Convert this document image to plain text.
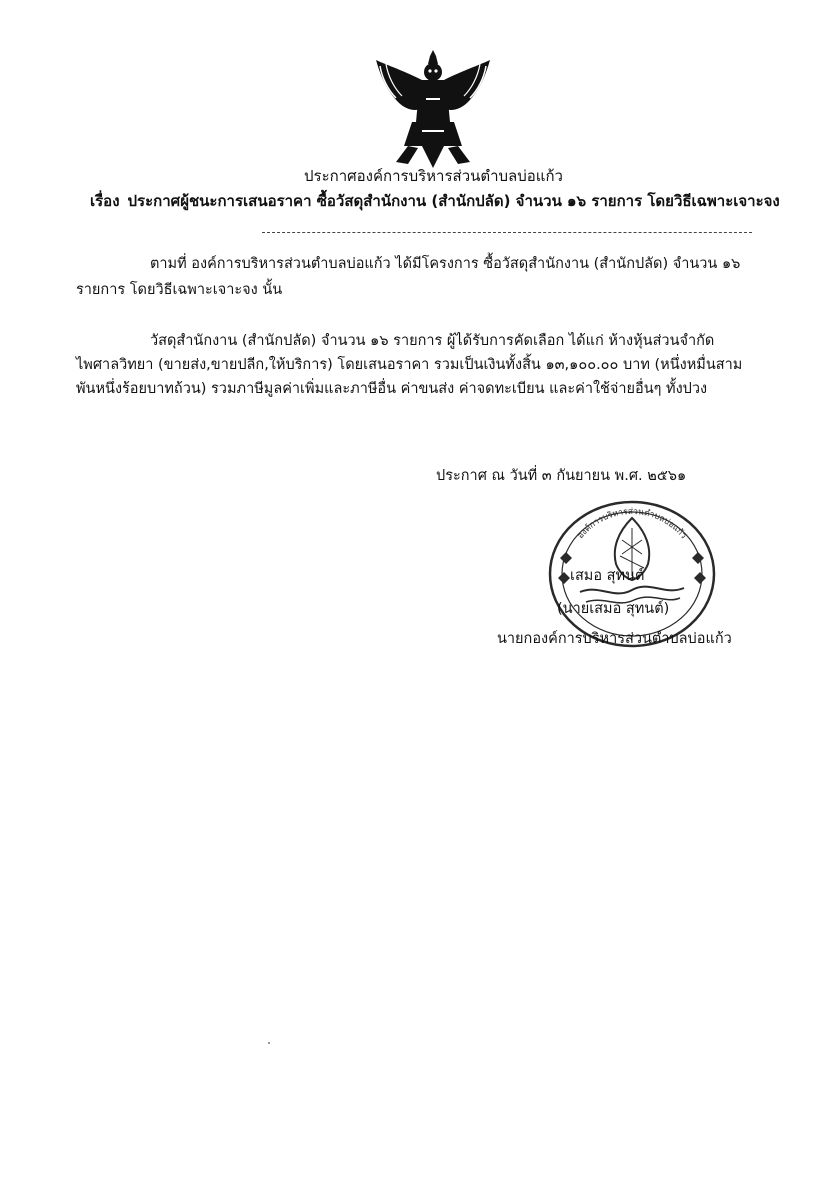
ประกาศองค์การบริหารส่วนตำบลบ่อแก้ว
เรื่อง ประกาศผู้ชนะการเสนอราคา ซื้อวัสดุสำนักงาน (สำนักปลัด) จำนวน ๑๖ รายการ โดยวิธีเฉพาะเจาะจง
ตามที่ องค์การบริหารส่วนตำบลบ่อแก้ว ได้มีโครงการ ซื้อวัสดุสำนักงาน (สำนักปลัด) จำนวน ๑๖
รายการ โดยวิธีเฉพาะเจาะจง นั้น
วัสดุสำนักงาน (สำนักปลัด) จำนวน ๑๖ รายการ ผู้ได้รับการคัดเลือก ได้แก่ ห้างหุ้นส่วนจำกัด
ไพศาลวิทยา (ขายส่ง,ขายปลีก,ให้บริการ) โดยเสนอราคา รวมเป็นเงินทั้งสิ้น ๑๓,๑๐๐.๐๐ บาท (หนึ่งหมื่นสาม
พันหนึ่งร้อยบาทถ้วน) รวมภาษีมูลค่าเพิ่มและภาษีอื่น ค่าขนส่ง ค่าจดทะเบียน และค่าใช้จ่ายอื่นๆ ทั้งปวง
ประกาศ ณ วันที่ ๓ กันยายน พ.ศ. ๒๕๖๑
องค์การบริหารส่วนตำบลบ่อแก้ว
เสมอ สุทนต์
(นายเสมอ สุทนต์)
นายกองค์การบริหารส่วนตำบลบ่อแก้ว
